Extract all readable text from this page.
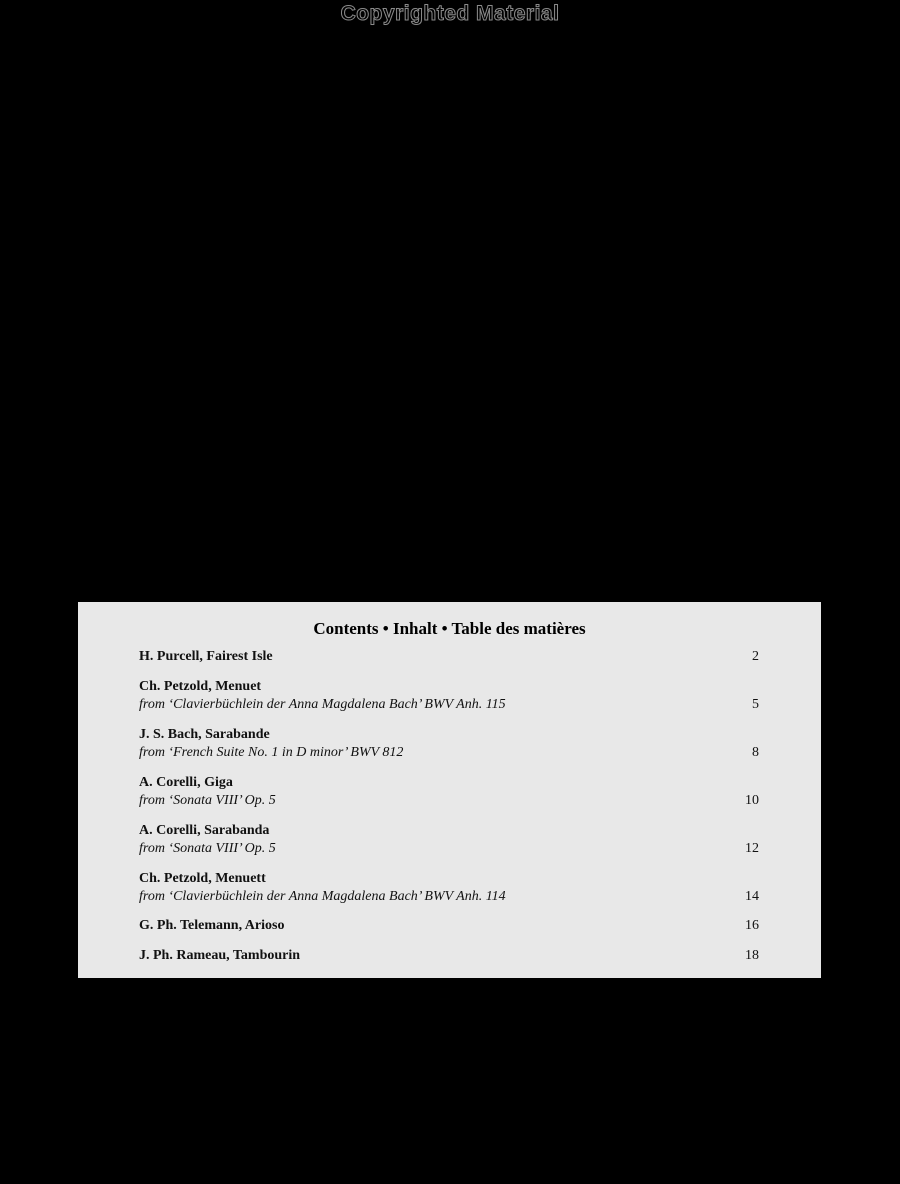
Copyrighted Material
Contents • Inhalt • Table des matières
H. Purcell, Fairest Isle	2
Ch. Petzold, Menuet
from ‘Clavierbüchlein der Anna Magdalena Bach’ BWV Anh. 115	5
J. S. Bach, Sarabande
from ‘French Suite No. 1 in D minor’ BWV 812	8
A. Corelli, Giga
from ‘Sonata VIII’ Op. 5	10
A. Corelli, Sarabanda
from ‘Sonata VIII’ Op. 5	12
Ch. Petzold, Menuett
from ‘Clavierbüchlein der Anna Magdalena Bach’ BWV Anh. 114	14
G. Ph. Telemann, Arioso	16
J. Ph. Rameau, Tambourin	18
